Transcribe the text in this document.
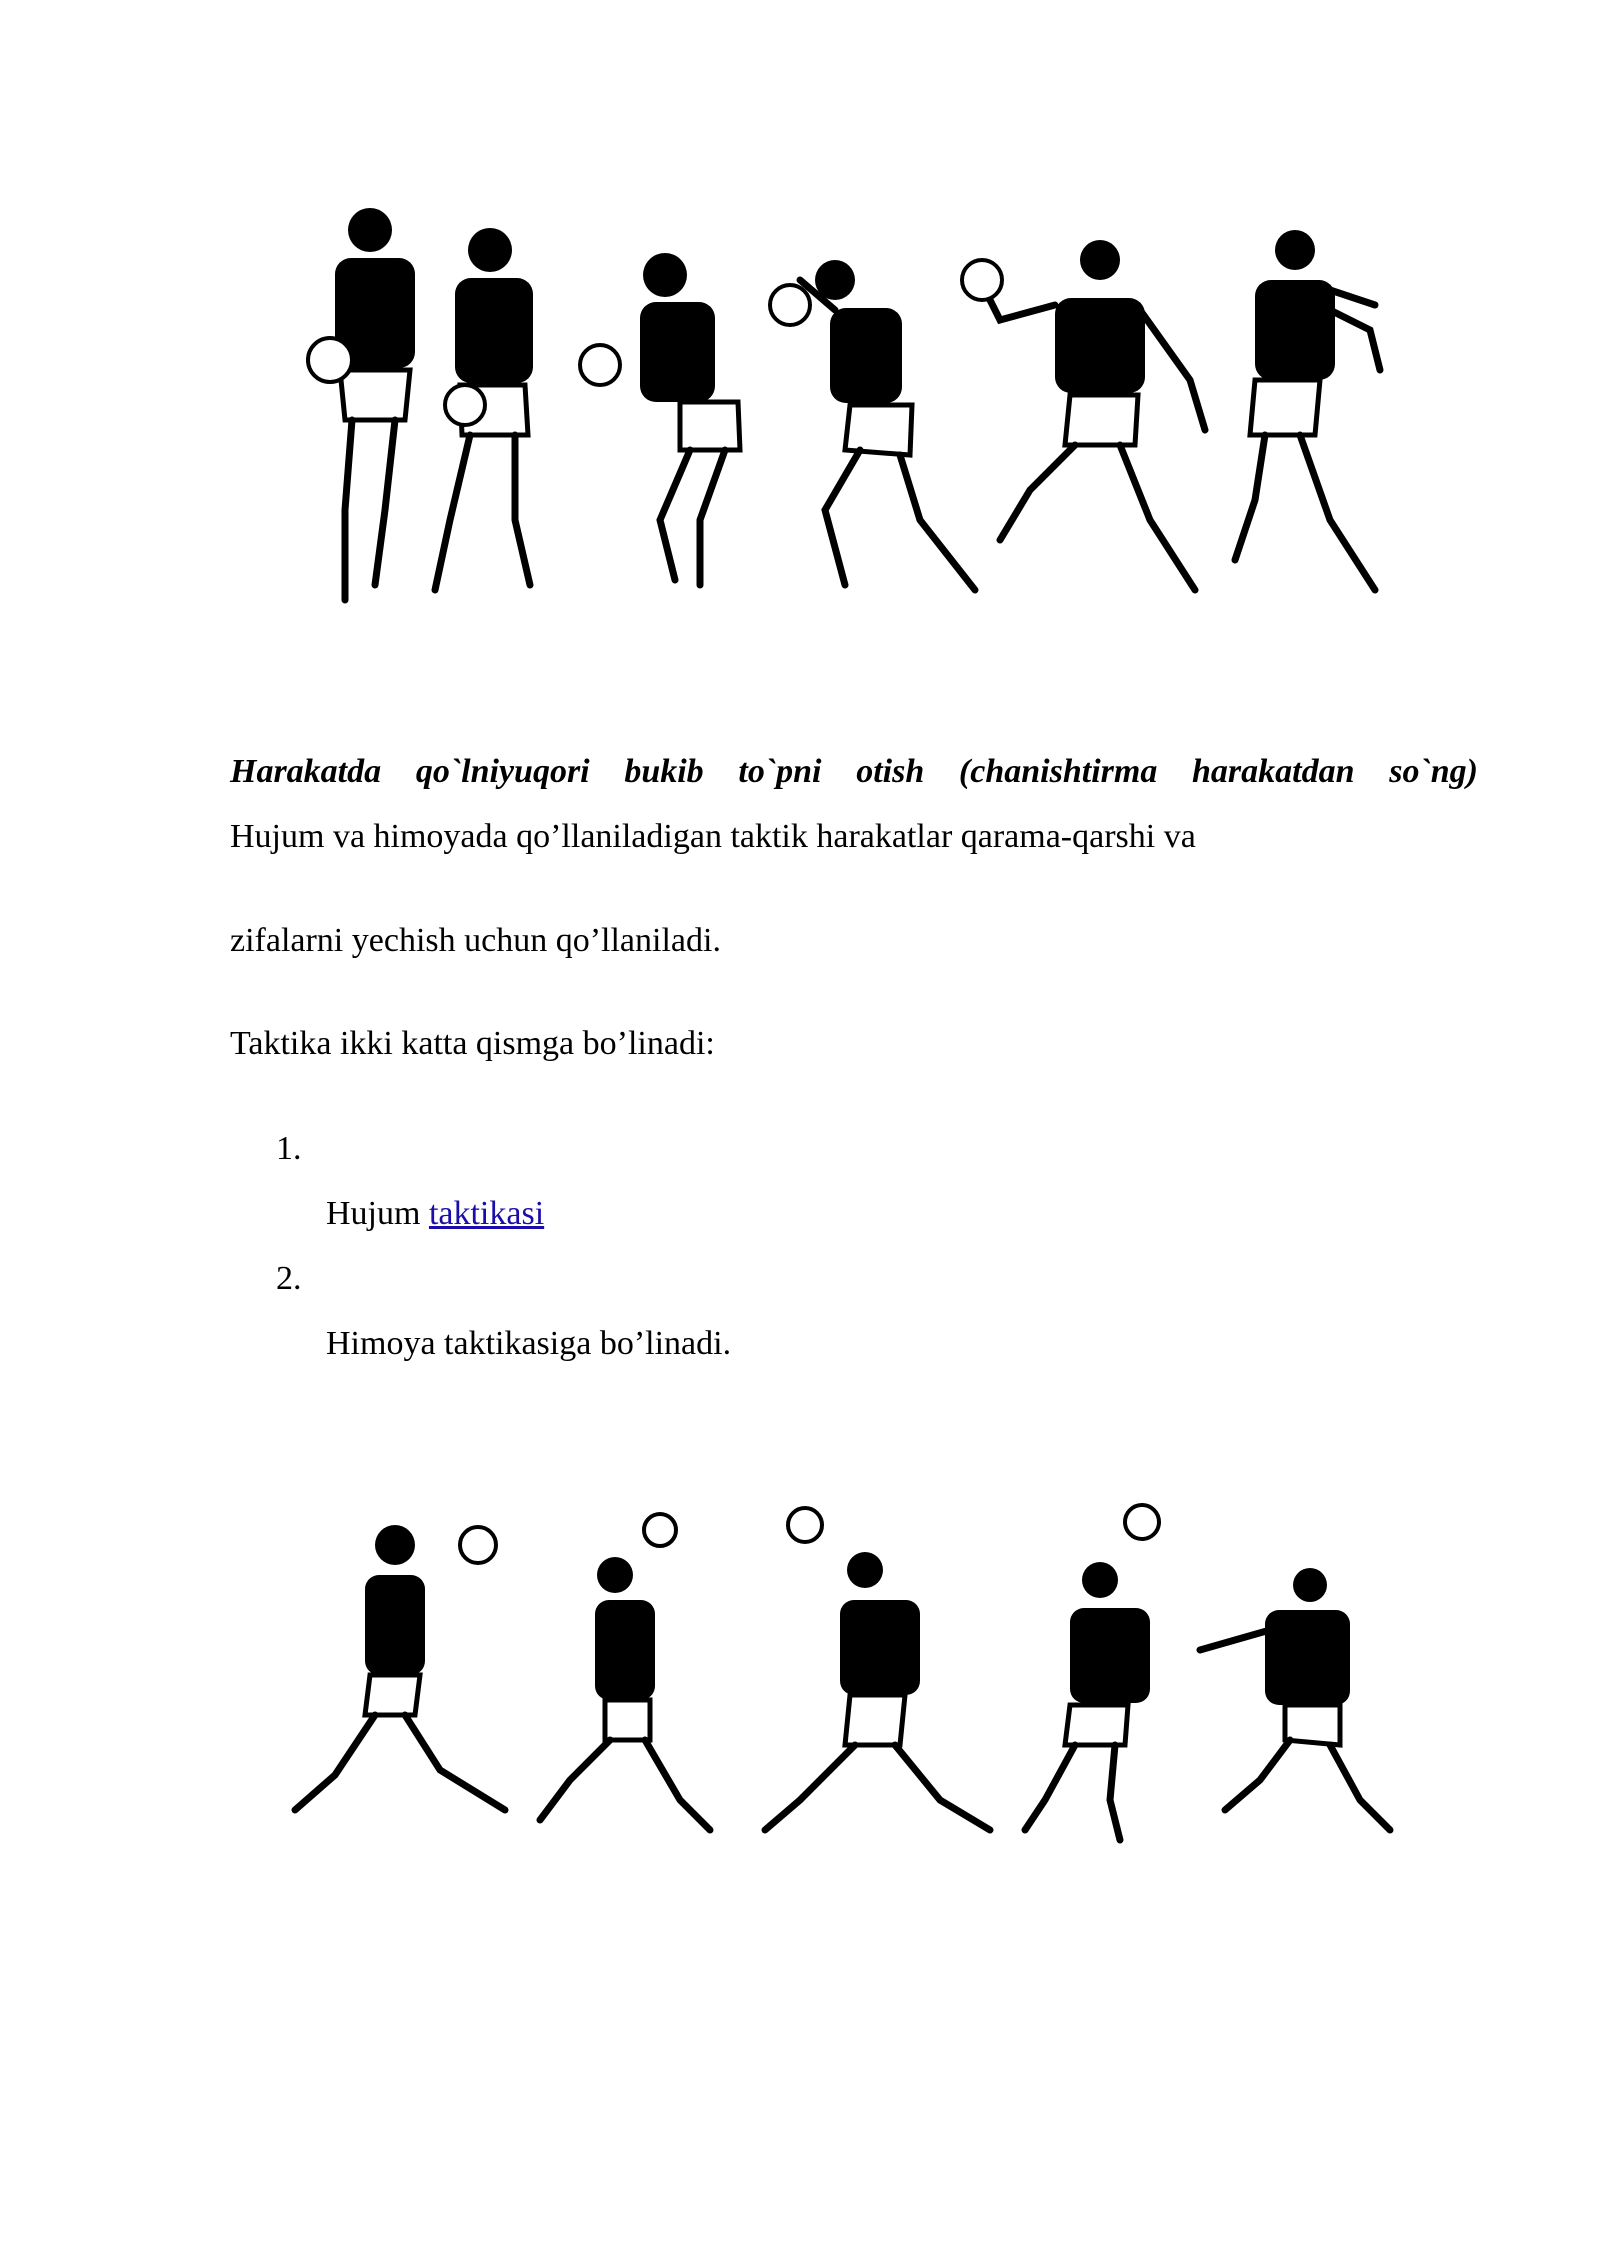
Harakatda qo`lniyuqori bukib to`pni otish (chanishtirma harakatdan so`ng)
Hujum va himoyada qo’llaniladigan taktik harakatlar qarama-qarshi va
zifalarni yechish uchun qo’llaniladi.
Taktika ikki katta qismga bo’linadi:
1.
Hujum taktikasi
2.
Himoya taktikasiga bo’linadi.
